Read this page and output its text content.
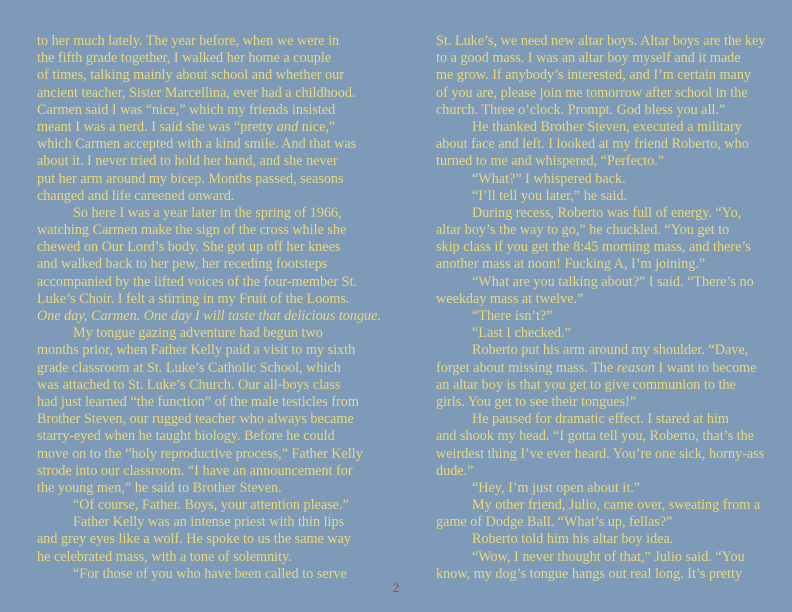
to her much lately. The year before, when we were in
the fifth grade together, I walked her home a couple
of times, talking mainly about school and whether our
ancient teacher, Sister Marcellina, ever had a childhood.
Carmen said I was “nice,” which my friends insisted
meant I was a nerd. I said she was “pretty and nice,”
which Carmen accepted with a kind smile. And that was
about it. I never tried to hold her hand, and she never
put her arm around my bicep. Months passed, seasons
changed and life careened onward.
So here I was a year later in the spring of 1966,
watching Carmen make the sign of the cross while she
chewed on Our Lord’s body. She got up off her knees
and walked back to her pew, her receding footsteps
accompanied by the lifted voices of the four-member St.
Luke’s Choir. I felt a stirring in my Fruit of the Looms.
One day, Carmen. One day I will taste that delicious tongue.
My tongue gazing adventure had begun two
months prior, when Father Kelly paid a visit to my sixth
grade classroom at St. Luke’s Catholic School, which
was attached to St. Luke’s Church. Our all-boys class
had just learned “the function” of the male testicles from
Brother Steven, our rugged teacher who always became
starry-eyed when he taught biology. Before he could
move on to the “holy reproductive process,” Father Kelly
strode into our classroom. “I have an announcement for
the young men,” he said to Brother Steven.
“Of course, Father. Boys, your attention please.”
Father Kelly was an intense priest with thin lips
and grey eyes like a wolf. He spoke to us the same way
he celebrated mass, with a tone of solemnity.
“For those of you who have been called to serve
St. Luke’s, we need new altar boys. Altar boys are the key
to a good mass. I was an altar boy myself and it made
me grow. If anybody’s interested, and I’m certain many
of you are, please join me tomorrow after school in the
church. Three o’clock. Prompt. God bless you all.”
He thanked Brother Steven, executed a military
about face and left. I looked at my friend Roberto, who
turned to me and whispered, “Perfecto.”
“What?” I whispered back.
“I’ll tell you later,” he said.
During recess, Roberto was full of energy. “Yo,
altar boy’s the way to go,” he chuckled. “You get to
skip class if you get the 8:45 morning mass, and there’s
another mass at noon! Fucking A, I’m joining.”
“What are you talking about?” I said. “There’s no
weekday mass at twelve.”
“There isn’t?”
“Last I checked.”
Roberto put his arm around my shoulder. “Dave,
forget about missing mass. The reason I want to become
an altar boy is that you get to give communion to the
girls. You get to see their tongues!”
He paused for dramatic effect. I stared at him
and shook my head. “I gotta tell you, Roberto, that’s the
weirdest thing I’ve ever heard. You’re one sick, horny-ass
dude.”
“Hey, I’m just open about it.”
My other friend, Julio, came over, sweating from a
game of Dodge Ball. “What’s up, fellas?”
Roberto told him his altar boy idea.
“Wow, I never thought of that,” Julio said. “You
know, my dog’s tongue hangs out real long. It’s pretty
2
